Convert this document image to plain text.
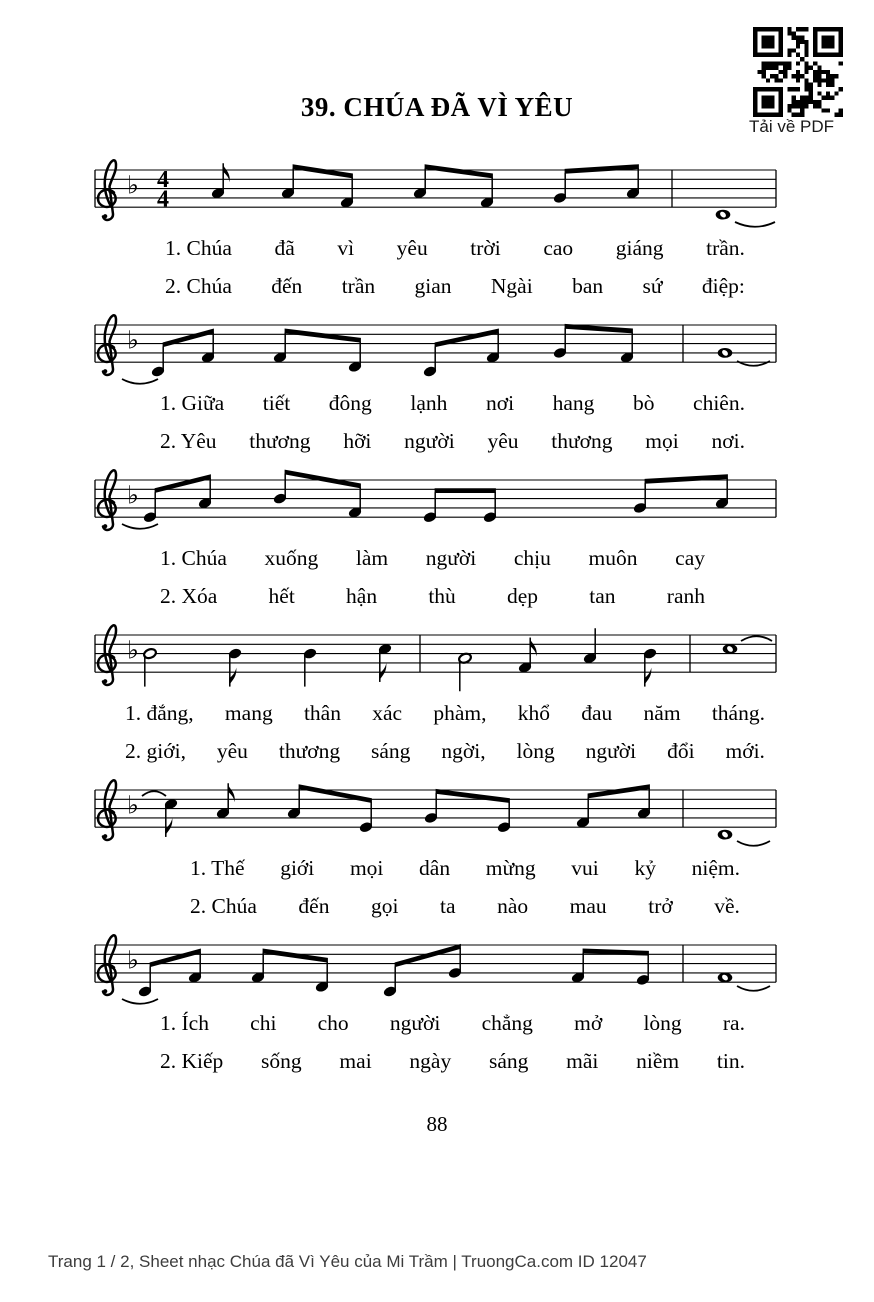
39. CHÚA ĐÃ VÌ YÊU
Tải về PDF
♭ 4
4
1. Chúa đã vì yêu trời cao giáng trần.
2. Chúa đến trần gian Ngài ban sứ điệp:
♭
1. Giữa tiết đông lạnh nơi hang bò chiên.
2. Yêu thương hỡi người yêu thương mọi nơi.
♭
1. Chúa xuống làm người chịu muôn cay
2. Xóa hết hận thù dẹp tan ranh
♭
1. đắng, mang thân xác phàm, khổ đau năm tháng.
2. giới, yêu thương sáng ngời, lòng người đổi mới.
♭
1. Thế giới mọi dân mừng vui kỷ niệm.
2. Chúa đến gọi ta nào mau trở về.
♭
1. Ích chi cho người chẳng mở lòng ra.
2. Kiếp sống mai ngày sáng mãi niềm tin.
88
Trang 1 / 2, Sheet nhạc Chúa đã Vì Yêu của Mi Trầm | TruongCa.com ID 12047
